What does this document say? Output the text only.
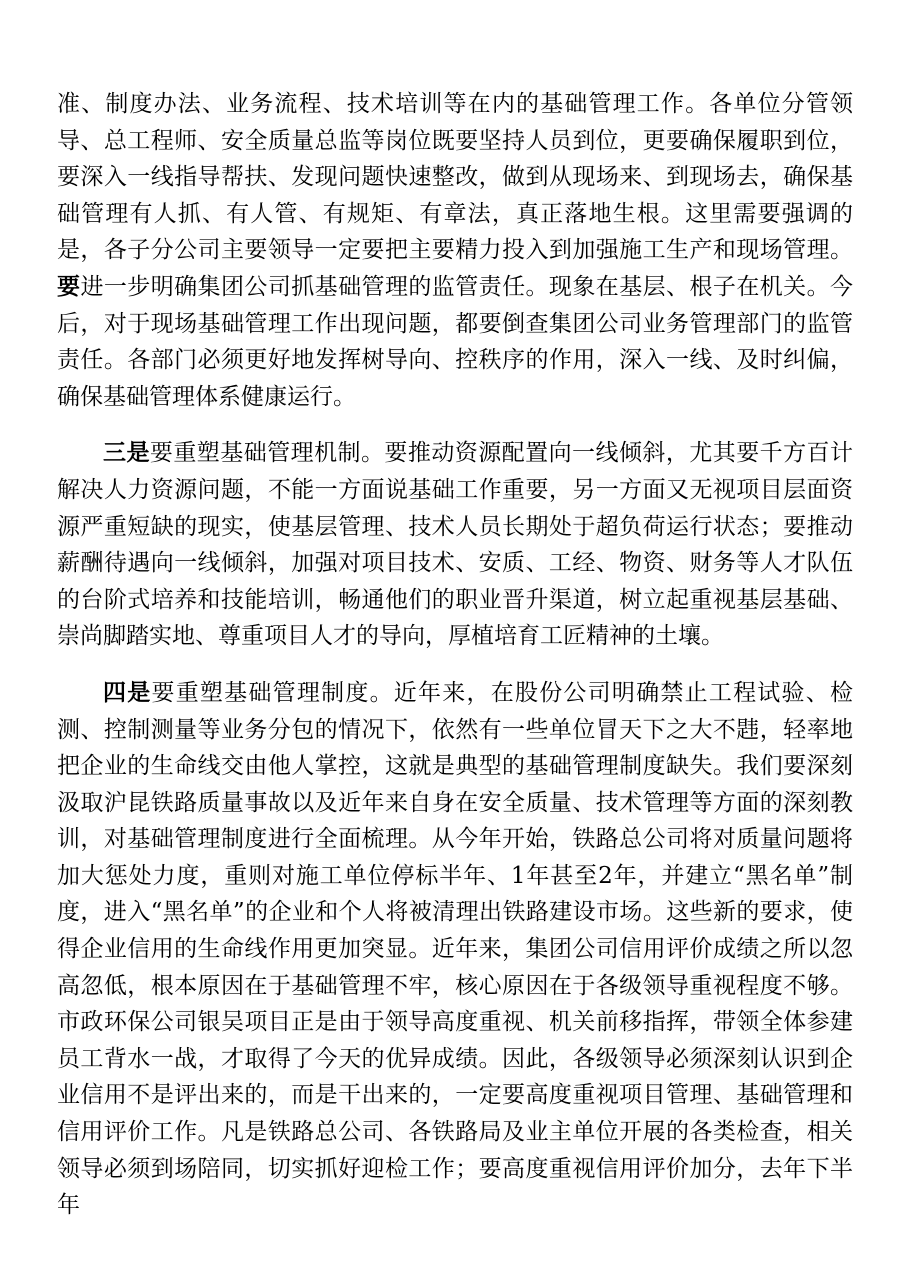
准、制度办法、业务流程、技术培训等在内的基础管理工作。各单位分管领导、总工程师、安全质量总监等岗位既要坚持人员到位，更要确保履职到位，要深入一线指导帮扶、发现问题快速整改，做到从现场来、到现场去，确保基础管理有人抓、有人管、有规矩、有章法，真正落地生根。这里需要强调的是，各子分公司主要领导一定要把主要精力投入到加强施工生产和现场管理。要进一步明确集团公司抓基础管理的监管责任。现象在基层、根子在机关。今后，对于现场基础管理工作出现问题，都要倒查集团公司业务管理部门的监管责任。各部门必须更好地发挥树导向、控秩序的作用，深入一线、及时纠偏，确保基础管理体系健康运行。

三是要重塑基础管理机制。要推动资源配置向一线倾斜，尤其要千方百计解决人力资源问题，不能一方面说基础工作重要，另一方面又无视项目层面资源严重短缺的现实，使基层管理、技术人员长期处于超负荷运行状态；要推动薪酬待遇向一线倾斜，加强对项目技术、安质、工经、物资、财务等人才队伍的台阶式培养和技能培训，畅通他们的职业晋升渠道，树立起重视基层基础、崇尚脚踏实地、尊重项目人才的导向，厚植培育工匠精神的土壤。

四是要重塑基础管理制度。近年来，在股份公司明确禁止工程试验、检测、控制测量等业务分包的情况下，依然有一些单位冒天下之大不韪，轻率地把企业的生命线交由他人掌控，这就是典型的基础管理制度缺失。我们要深刻汲取沪昆铁路质量事故以及近年来自身在安全质量、技术管理等方面的深刻教训，对基础管理制度进行全面梳理。从今年开始，铁路总公司将对质量问题将加大惩处力度，重则对施工单位停标半年、1年甚至2年，并建立“黑名单”制度，进入“黑名单”的企业和个人将被清理出铁路建设市场。这些新的要求，使得企业信用的生命线作用更加突显。近年来，集团公司信用评价成绩之所以忽高忽低，根本原因在于基础管理不牢，核心原因在于各级领导重视程度不够。市政环保公司银吴项目正是由于领导高度重视、机关前移指挥，带领全体参建员工背水一战，才取得了今天的优异成绩。因此，各级领导必须深刻认识到企业信用不是评出来的，而是干出来的，一定要高度重视项目管理、基础管理和信用评价工作。凡是铁路总公司、各铁路局及业主单位开展的各类检查，相关领导必须到场陪同，切实抓好迎检工作；要高度重视信用评价加分，去年下半年
